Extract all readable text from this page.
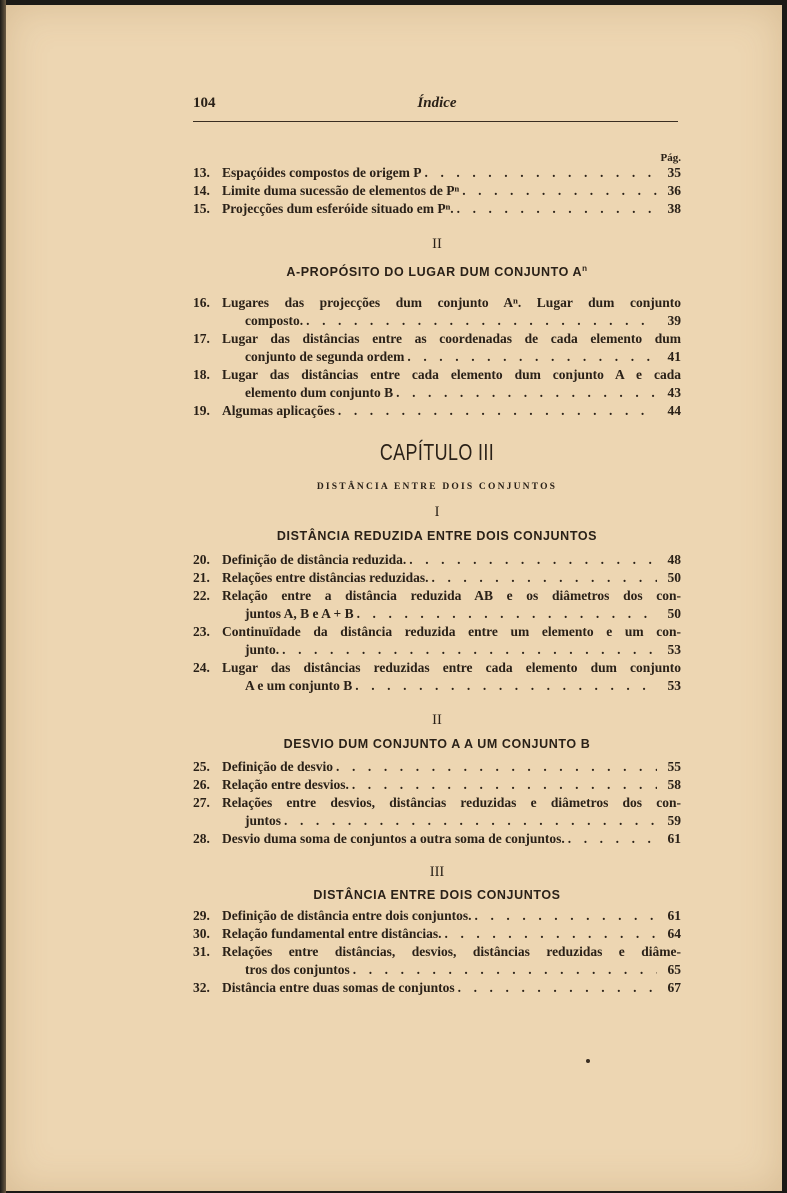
104	Índice
Pág.
13. Espaçóides compostos de origem P . . .	35
14. Limite duma sucessão de elementos de Pⁿ . . .	36
15. Projecções dum esferóide situado em Pⁿ. . . .	38
II
A-PROPÓSITO DO LUGAR DUM CONJUNTO $A^n$
16. Lugares das projecções dum conjunto Aⁿ. Lugar dum conjunto
composto. . . .	39
17. Lugar das distâncias entre as coordenadas de cada elemento dum
conjunto de segunda ordem . . .	41
18. Lugar das distâncias entre cada elemento dum conjunto A e cada
elemento dum conjunto B . . .	43
19. Algumas aplicações . . .	44
CAPÍTULO III
DISTÂNCIA ENTRE DOIS CONJUNTOS
I
DISTÂNCIA REDUZIDA ENTRE DOIS CONJUNTOS
20. Definição de distância reduzida. . . .	48
21. Relações entre distâncias reduzidas. . . .	50
22. Relação entre a distância reduzida AB e os diâmetros dos con-
juntos A, B e A + B . . .	50
23. Continuïdade da distância reduzida entre um elemento e um con-
junto. . . .	53
24. Lugar das distâncias reduzidas entre cada elemento dum conjunto
A e um conjunto B . . .	53
II
DESVIO DUM CONJUNTO A A UM CONJUNTO B
25. Definição de desvio . . .	55
26. Relação entre desvios. . . .	58
27. Relações entre desvios, distâncias reduzidas e diâmetros dos con-
juntos . . .	59
28. Desvio duma soma de conjuntos a outra soma de conjuntos. . . .	61
III
DISTÂNCIA ENTRE DOIS CONJUNTOS
29. Definição de distância entre dois conjuntos. . . .	61
30. Relação fundamental entre distâncias. . . .	64
31. Relações entre distâncias, desvios, distâncias reduzidas e diâme-
tros dos conjuntos . . .	65
32. Distância entre duas somas de conjuntos . . .	67
